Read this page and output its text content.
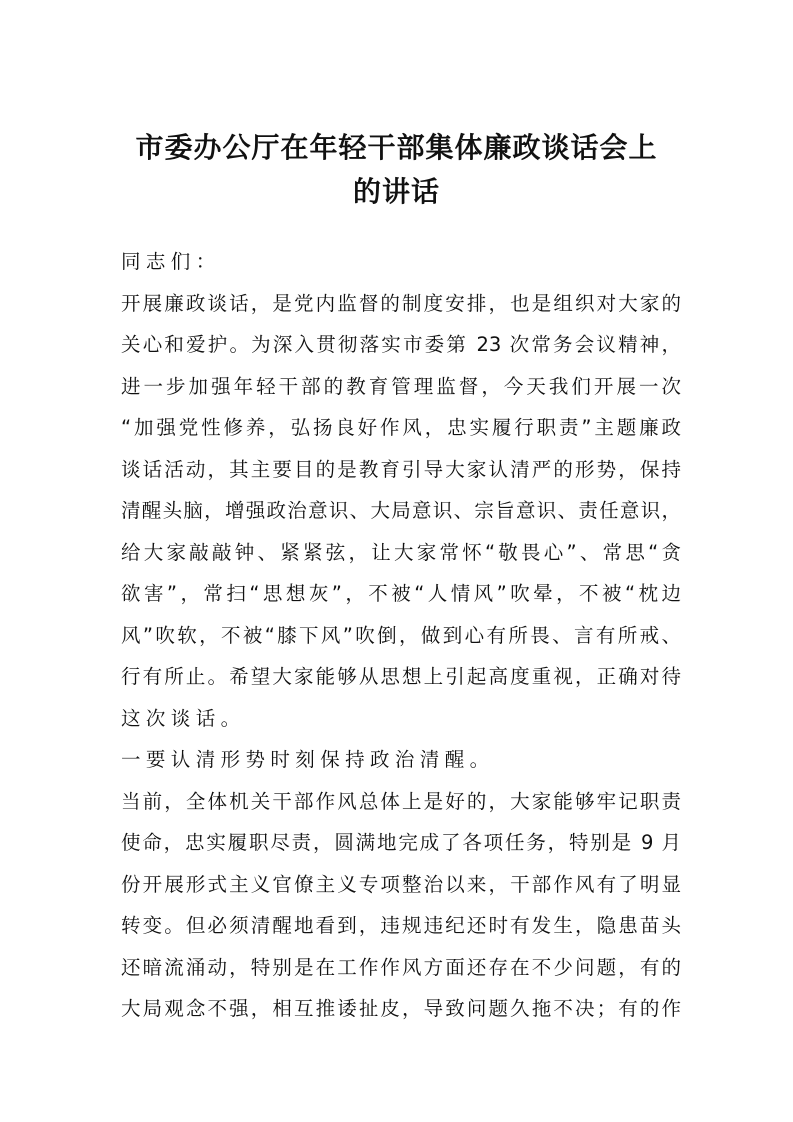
市委办公厅在年轻干部集体廉政谈话会上
的讲话
同志们：
开展廉政谈话，是党内监督的制度安排，也是组织对大家的
关心和爱护。为深入贯彻落实市委第 23 次常务会议精神，
进一步加强年轻干部的教育管理监督，今天我们开展一次
“加强党性修养，弘扬良好作风，忠实履行职责”主题廉政
谈话活动，其主要目的是教育引导大家认清严的形势，保持
清醒头脑，增强政治意识、大局意识、宗旨意识、责任意识，
给大家敲敲钟、紧紧弦，让大家常怀“敬畏心”、常思“贪
欲害”，常扫“思想灰”，不被“人情风”吹晕，不被“枕边
风”吹软，不被“膝下风”吹倒，做到心有所畏、言有所戒、
行有所止。希望大家能够从思想上引起高度重视，正确对待
这次谈话。
一要认清形势时刻保持政治清醒。
当前，全体机关干部作风总体上是好的，大家能够牢记职责
使命，忠实履职尽责，圆满地完成了各项任务，特别是 9 月
份开展形式主义官僚主义专项整治以来，干部作风有了明显
转变。但必须清醒地看到，违规违纪还时有发生，隐患苗头
还暗流涌动，特别是在工作作风方面还存在不少问题，有的
大局观念不强，相互推诿扯皮，导致问题久拖不决；有的作
